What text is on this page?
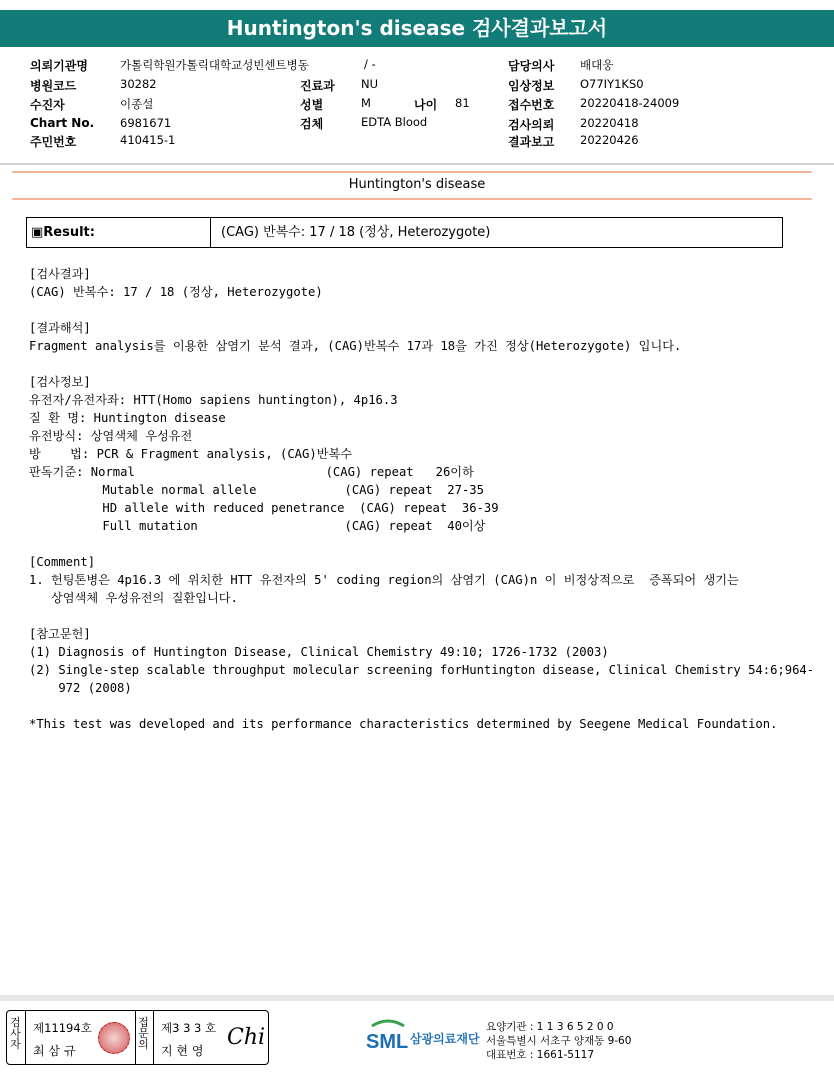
Huntington's disease 검사결과보고서
의뢰기관명	가톨릭학원가톨릭대학교성빈센트병동	/ -	담당의사 배대웅
병원코드	30282	진료과 NU	임상정보 O77IY1KS0
수진자	이종설	성별	M	나이 81	접수번호 20220418-24009
Chart No. 6981671	검체	EDTA Blood	검사의뢰 20220418
주민번호	410415-1	결과보고 20220426
Huntington's disease
▣Result:	(CAG) 반복수: 17 / 18 (정상, Heterozygote)
[검사결과]
(CAG) 반복수: 17 / 18 (정상, Heterozygote)
[결과해석]
Fragment analysis를 이용한 삼염기 분석 결과, (CAG)반복수 17과 18을 가진 정상(Heterozygote) 입니다.
[검사정보]
유전자/유전자좌: HTT(Homo sapiens huntington), 4p16.3
질 환 명: Huntington disease
유전방식: 상염색체 우성유전
방    법: PCR & Fragment analysis, (CAG)반복수
판독기준: Normal                          (CAG) repeat   26이하
Mutable normal allele            (CAG) repeat  27-35
HD allele with reduced penetrance  (CAG) repeat  36-39
Full mutation                    (CAG) repeat  40이상
[Comment]
1. 헌팅톤병은 4p16.3 에 위치한 HTT 유전자의 5' coding region의 삼염기 (CAG)n 이 비정상적으로  증폭되어 생기는
상염색체 우성유전의 질환입니다.
[참고문헌]
(1) Diagnosis of Huntington Disease, Clinical Chemistry 49:10; 1726-1732 (2003)
(2) Single-step scalable throughput molecular screening forHuntington disease, Clinical Chemistry 54:6;964-
972 (2008)
*This test was developed and its performance characteristics determined by Seegene Medical Foundation.
검
사
자
제11194호
최 삼 규
접
문
의
제3 3 3 호
지 현 영
Chi	SML 삼광의료재단
요양기관 : 1 1 3 6 5 2 0 0
서울특별시 서초구 양재동 9-60
대표번호 : 1661-5117
